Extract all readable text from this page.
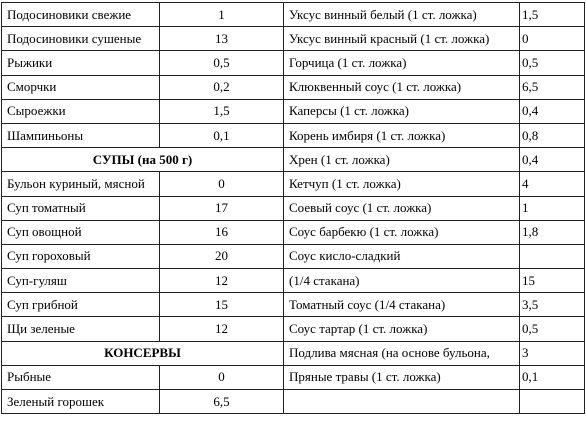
Подосиновики свежие	1	Уксус винный белый (1 ст. ложка)	1,5
Подосиновики сушеные	13	Уксус винный красный (1 ст. ложка)	0
Рыжики	0,5	Горчица (1 ст. ложка)	0,5
Сморчки	0,2	Клюквенный соус (1 ст. ложка)	6,5
Сыроежки	1,5	Каперсы (1 ст. ложка)	0,4
Шампиньоны	0,1	Корень имбиря (1 ст. ложка)	0,8
СУПЫ (на 500 г)		Хрен (1 ст. ложка)	0,4
Бульон куриный, мясной	0	Кетчуп (1 ст. ложка)	4
Суп томатный	17	Соевый соус (1 ст. ложка)	1
Суп овощной	16	Соус барбекю (1 ст. ложка)	1,8
Суп гороховый	20	Соус кисло-сладкий	
Суп-гуляш	12	(1/4 стакана)	15
Суп грибной	15	Томатный соус (1/4 стакана)	3,5
Щи зеленые	12	Соус тартар (1 ст. ложка)	0,5
КОНСЕРВЫ		Подлива мясная (на основе бульона,	3
Рыбные	0	Пряные травы (1 ст. ложка)	0,1
Зеленый горошек	6,5		
